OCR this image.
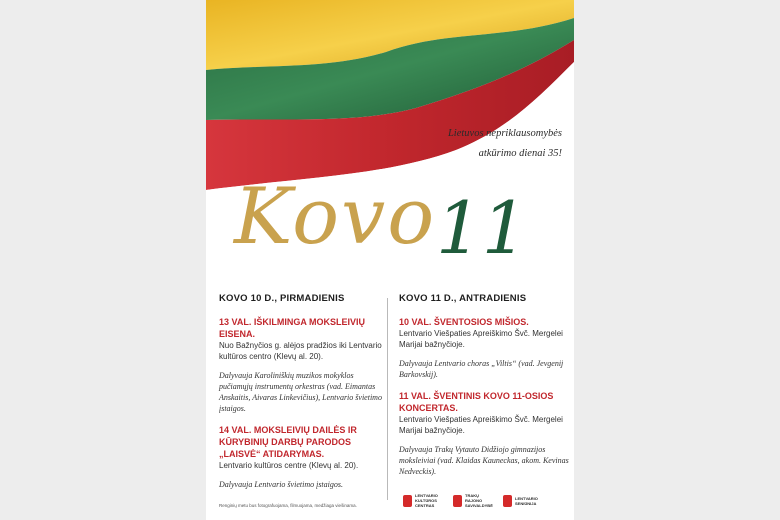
Lietuvos nepriklausomybės
atkūrimo dienai 35!
Kovo 11

KOVO 10 D., PIRMADIENIS

13 VAL. IŠKILMINGA MOKSLEIVIŲ EISENA.

Nuo Bažnyčios g. alėjos pradžios iki Lentvario kultūros centro (Klevų al. 20).

Dalyvauja Karoliniškių muzikos mokyklos pučiamųjų instrumentų orkestras (vad. Eimantas Anskaitis, Aivaras Linkevičius), Lentvario švietimo įstaigos.

14 VAL. MOKSLEIVIŲ DAILĖS IR KŪRYBINIŲ DARBŲ PARODOS „LAISVĖ“ ATIDARYMAS.

Lentvario kultūros centre (Klevų al. 20).

Dalyvauja Lentvario švietimo įstaigos.

KOVO 11 D., ANTRADIENIS

10 VAL. ŠVENTOSIOS MIŠIOS.

Lentvario Viešpaties Apreiškimo Švč. Mergelei Marijai bažnyčioje.

Dalyvauja Lentvario choras „Viltis“ (vad. Jevgenij Barkovskij).

11 VAL. ŠVENTINIS KOVO 11-OSIOS KONCERTAS.

Lentvario Viešpaties Apreiškimo Švč. Mergelei Marijai bažnyčioje.

Dalyvauja Trakų Vytauto Didžiojo gimnazijos moksleiviai (vad. Klaidas Kauneckas, akom. Kevinas Nedveckis).

Renginių metu bus fotografuojama, filmuojama, medžiaga viešinama.
LENTVARIO KULTŪROS CENTRAS
TRAKŲ RAJONO SAVIVALDYBĖ
LENTVARIO SENIŪNIJA
